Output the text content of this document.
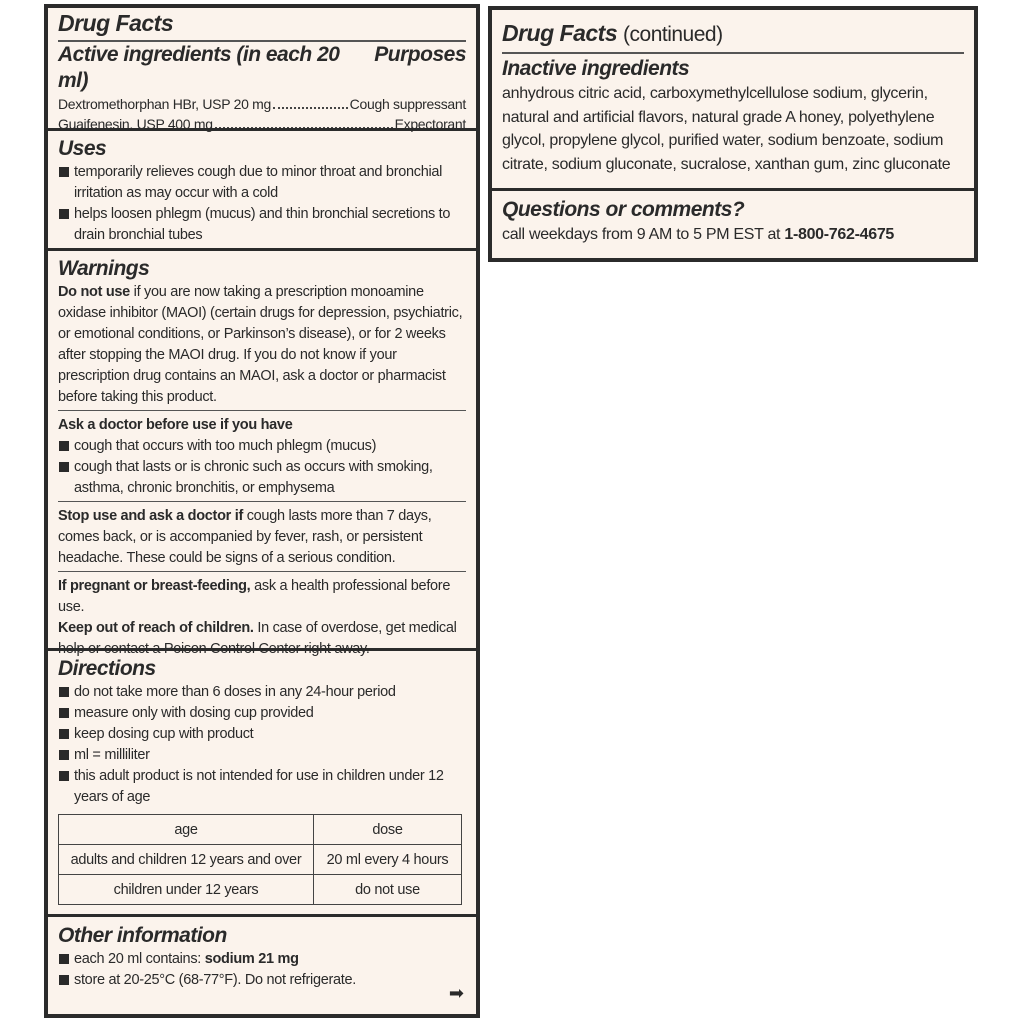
Drug Facts
Active ingredients (in each 20 ml)
Purposes
Dextromethorphan HBr, USP 20 mg	Cough suppressant
Guaifenesin, USP 400 mg	Expectorant
Uses
temporarily relieves cough due to minor throat and bronchial irritation as may occur with a cold
helps loosen phlegm (mucus) and thin bronchial secretions to drain bronchial tubes
Warnings
Do not use if you are now taking a prescription monoamine oxidase inhibitor (MAOI) (certain drugs for depression, psychiatric, or emotional conditions, or Parkinson’s disease), or for 2 weeks after stopping the MAOI drug. If you do not know if your prescription drug contains an MAOI, ask a doctor or pharmacist before taking this product.
Ask a doctor before use if you have
cough that occurs with too much phlegm (mucus)
cough that lasts or is chronic such as occurs with smoking, asthma, chronic bronchitis, or emphysema
Stop use and ask a doctor if cough lasts more than 7 days, comes back, or is accompanied by fever, rash, or persistent headache. These could be signs of a serious condition.
If pregnant or breast-feeding, ask a health professional before use.
Keep out of reach of children. In case of overdose, get medical help or contact a Poison Control Center right away.
Directions
do not take more than 6 doses in any 24-hour period
measure only with dosing cup provided
keep dosing cup with product
ml = milliliter
this adult product is not intended for use in children under 12 years of age
age	dose
adults and children 12 years and over	20 ml every 4 hours
children under 12 years	do not use
Other information
each 20 ml contains: sodium 21 mg
store at 20-25°C (68-77°F). Do not refrigerate.
➡
Drug Facts (continued)
Inactive ingredients
anhydrous citric acid, carboxymethylcellulose sodium, glycerin, natural and artificial flavors, natural grade A honey, polyethylene glycol, propylene glycol, purified water, sodium benzoate, sodium citrate, sodium gluconate, sucralose, xanthan gum, zinc gluconate
Questions or comments?
call weekdays from 9 AM to 5 PM EST at 1-800-762-4675
